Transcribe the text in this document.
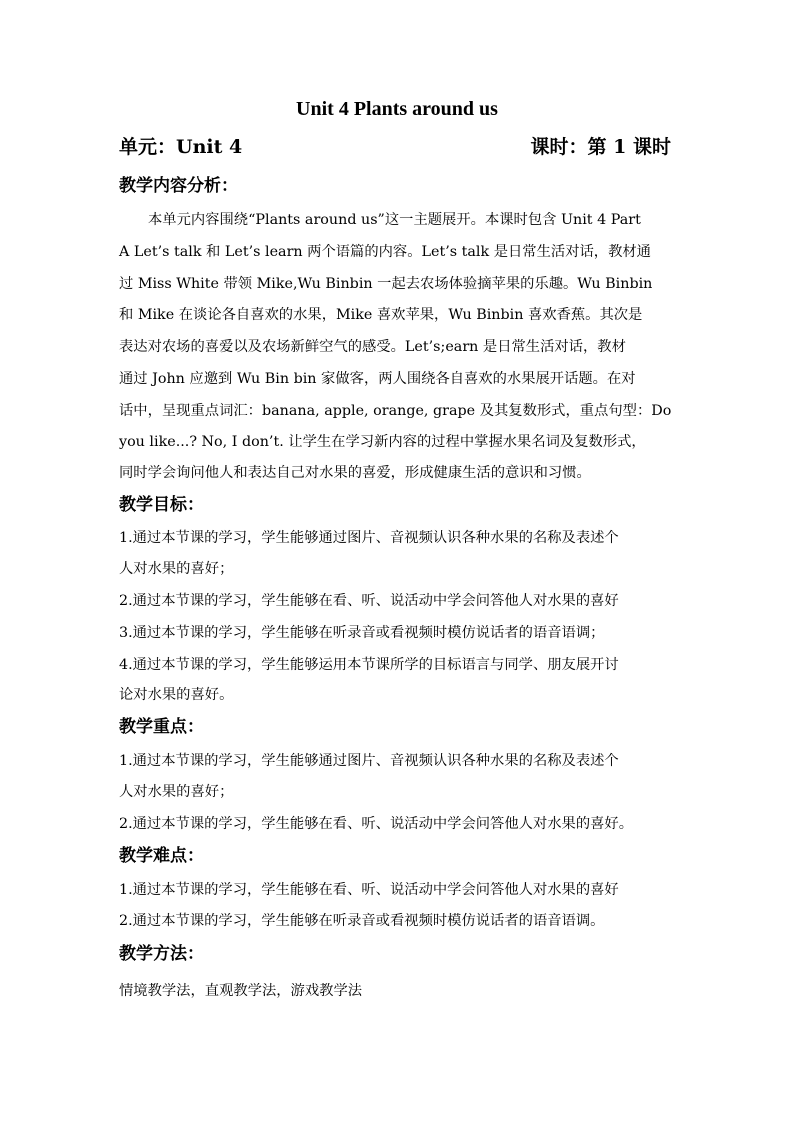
Unit 4 Plants around us
单元：Unit 4	课时：第 1 课时
教学内容分析：
本单元内容围绕“Plants around us”这一主题展开。本课时包含 Unit 4 Part
A Let’s talk 和 Let’s learn 两个语篇的内容。Let’s talk 是日常生活对话，教材通
过 Miss White 带领 Mike,Wu Binbin 一起去农场体验摘苹果的乐趣。Wu Binbin
和 Mike 在谈论各自喜欢的水果，Mike 喜欢苹果，Wu Binbin 喜欢香蕉。其次是
表达对农场的喜爱以及农场新鲜空气的感受。Let’s;earn 是日常生活对话，教材
通过 John 应邀到 Wu Bin bin 家做客，两人围绕各自喜欢的水果展开话题。在对
话中，呈现重点词汇：banana, apple, orange, grape 及其复数形式，重点句型：Do
you like...? No, I don’t. 让学生在学习新内容的过程中掌握水果名词及复数形式，
同时学会询问他人和表达自己对水果的喜爱，形成健康生活的意识和习惯。
教学目标：
1.通过本节课的学习，学生能够通过图片、音视频认识各种水果的名称及表述个
人对水果的喜好；
2.通过本节课的学习，学生能够在看、听、说活动中学会问答他人对水果的喜好
3.通过本节课的学习，学生能够在听录音或看视频时模仿说话者的语音语调；
4.通过本节课的学习，学生能够运用本节课所学的目标语言与同学、朋友展开讨
论对水果的喜好。
教学重点：
1.通过本节课的学习，学生能够通过图片、音视频认识各种水果的名称及表述个
人对水果的喜好；
2.通过本节课的学习，学生能够在看、听、说活动中学会问答他人对水果的喜好。
教学难点：
1.通过本节课的学习，学生能够在看、听、说活动中学会问答他人对水果的喜好
2.通过本节课的学习，学生能够在听录音或看视频时模仿说话者的语音语调。
教学方法：
情境教学法，直观教学法，游戏教学法
